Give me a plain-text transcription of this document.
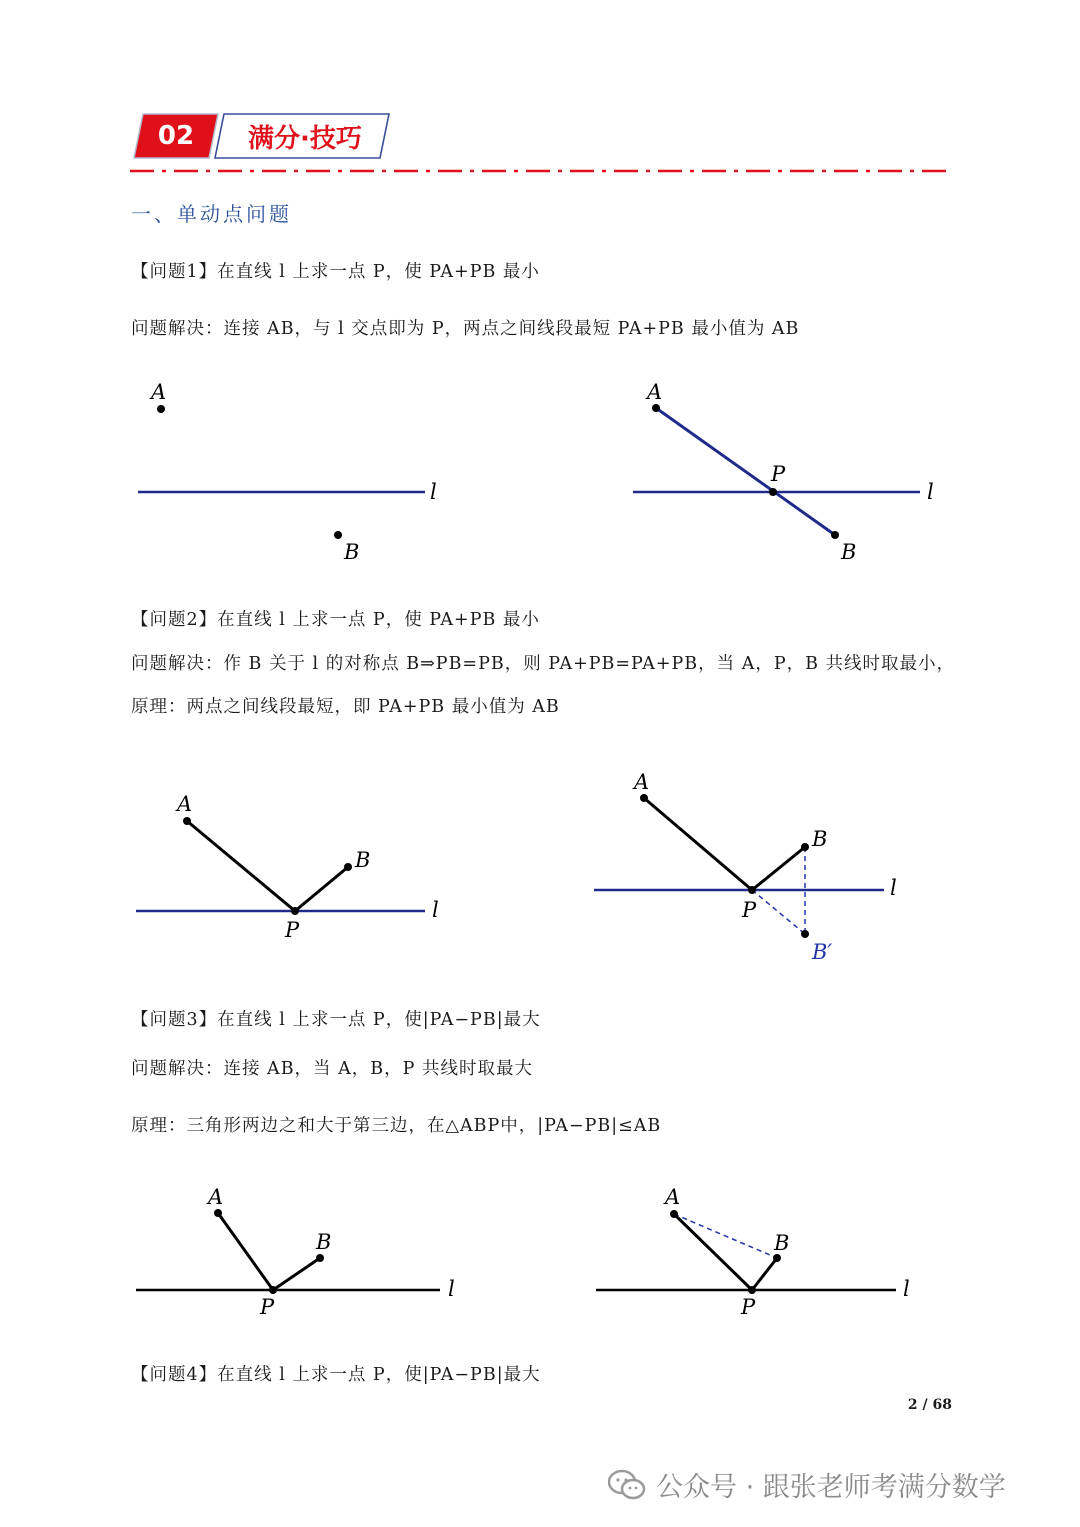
02	满分·技巧
一、单动点问题
【问题1】在直线 l 上求一点 P，使 PA+PB 最小
问题解决：连接 AB，与 l 交点即为 P，两点之间线段最短 PA+PB 最小值为 AB
A
B
l
A
P
B
l
【问题2】在直线 l 上求一点 P，使 PA+PB 最小
问题解决：作 B 关于 l 的对称点 B⇒PB=PB，则 PA+PB=PA+PB，当 A，P，B 共线时取最小，原理：两点之间线段最短，即 PA+PB 最小值为 AB
A
B
P
l
A
B
P
B′
l
【问题3】在直线 l 上求一点 P，使|PA−PB|最大
问题解决：连接 AB，当 A，B，P 共线时取最大
原理：三角形两边之和大于第三边，在△ABP中，|PA−PB|≤AB
A
B
P
l
A
B
P
l
【问题4】在直线 l 上求一点 P，使|PA−PB|最大
2 / 68
公众号 · 跟张老师考满分数学
